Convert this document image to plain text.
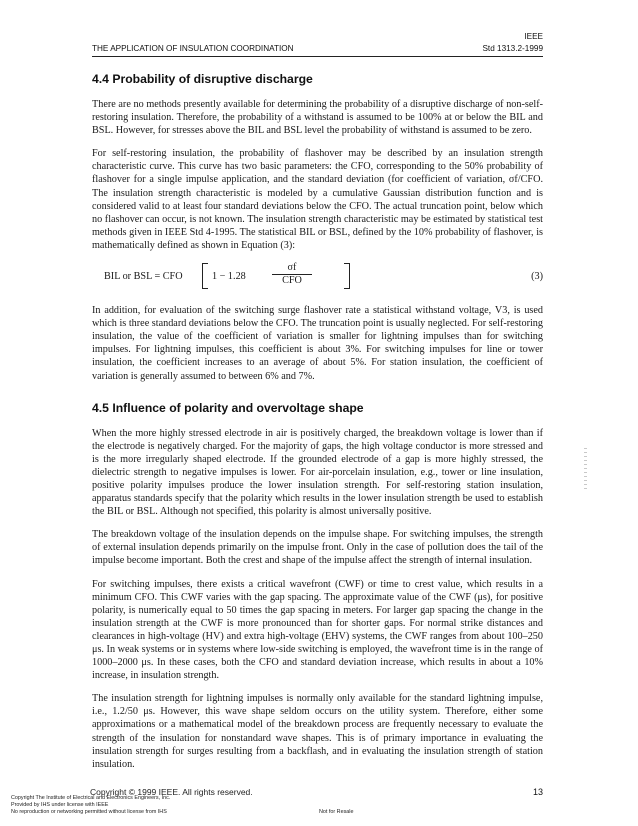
IEEE
THE APPLICATION OF INSULATION COORDINATION	Std 1313.2-1999
4.4 Probability of disruptive discharge

There are no methods presently available for determining the probability of a disruptive discharge of non-self-restoring insulation. Therefore, the probability of a withstand is assumed to be 100% at or below the BIL and BSL. However, for stresses above the BIL and BSL level the probability of withstand is assumed to be zero.

For self-restoring insulation, the probability of flashover may be described by an insulation strength characteristic curve. This curve has two basic parameters: the CFO, corresponding to the 50% probability of flashover for a single impulse application, and the standard deviation (for coefficient of variation, σf/CFO. The insulation strength characteristic is modeled by a cumulative Gaussian distribution function and is considered valid to at least four standard deviations below the CFO. The actual truncation point, below which no flashover can occur, is not known. The insulation strength characteristic may be estimated by statistical test methods given in IEEE Std 4-1995. The statistical BIL or BSL, defined by the 10% probability of flashover, is mathematically defined as shown in Equation (3):

BIL or BSL = CFO	1 − 1.28
σf
CFO	(3)

In addition, for evaluation of the switching surge flashover rate a statistical withstand voltage, V3, is used which is three standard deviations below the CFO. The truncation point is usually neglected. For self-restoring insulation, the value of the coefficient of variation is smaller for lightning impulses than for switching impulses. For lightning impulses, this coefficient is about 3%. For switching impulses for line or tower insulation, the coefficient increases to an average of about 5%. For station insulation, the coefficient of variation is generally assumed to between 6% and 7%.

4.5 Influence of polarity and overvoltage shape

When the more highly stressed electrode in air is positively charged, the breakdown voltage is lower than if the electrode is negatively charged. For the majority of gaps, the high voltage conductor is more stressed and is the more irregularly shaped electrode. If the grounded electrode of a gap is more highly stressed, the dielectric strength to negative impulses is lower. For air-porcelain insulation, e.g., tower or line insulation, positive polarity impulses produce the lower insulation strength. For self-restoring station insulation, apparatus standards specify that the polarity which results in the lower insulation strength be used to establish the BIL or BSL. Although not specified, this polarity is almost universally positive.

The breakdown voltage of the insulation depends on the impulse shape. For switching impulses, the strength of external insulation depends primarily on the impulse front. Only in the case of pollution does the tail of the impulse become important. Both the crest and shape of the impulse affect the strength of internal insulation.

For switching impulses, there exists a critical wavefront (CWF) or time to crest value, which results in a minimum CFO. This CWF varies with the gap spacing. The approximate value of the CWF (μs), for positive polarity, is numerically equal to 50 times the gap spacing in meters. For larger gap spacing the change in the insulation strength at the CWF is more pronounced than for shorter gaps. For normal strike distances and clearances in high-voltage (HV) and extra high-voltage (EHV) systems, the CWF ranges from about 100–250 μs. In weak systems or in systems where low-side switching is employed, the wavefront time is in the range of 1000–2000 μs. In these cases, both the CFO and standard deviation increase, which results in about a 10% increase, in insulation strength.

The insulation strength for lightning impulses is normally only available for the standard lightning impulse, i.e., 1.2/50 μs. However, this wave shape seldom occurs on the utility system. Therefore, either some approximations or a mathematical model of the breakdown process are frequently necessary to evaluate the strength of the insulation for nonstandard wave shapes. This is of primary importance in evaluating the insulation strength for surges resulting from a backflash, and in evaluating the insulation strength of station insulation.

Copyright © 1999 IEEE. All rights reserved.	13
Copyright The Institute of Electrical and Electronics Engineers, Inc.
Provided by IHS under license with IEEE
No reproduction or networking permitted without license from IHS	Not for Resale
